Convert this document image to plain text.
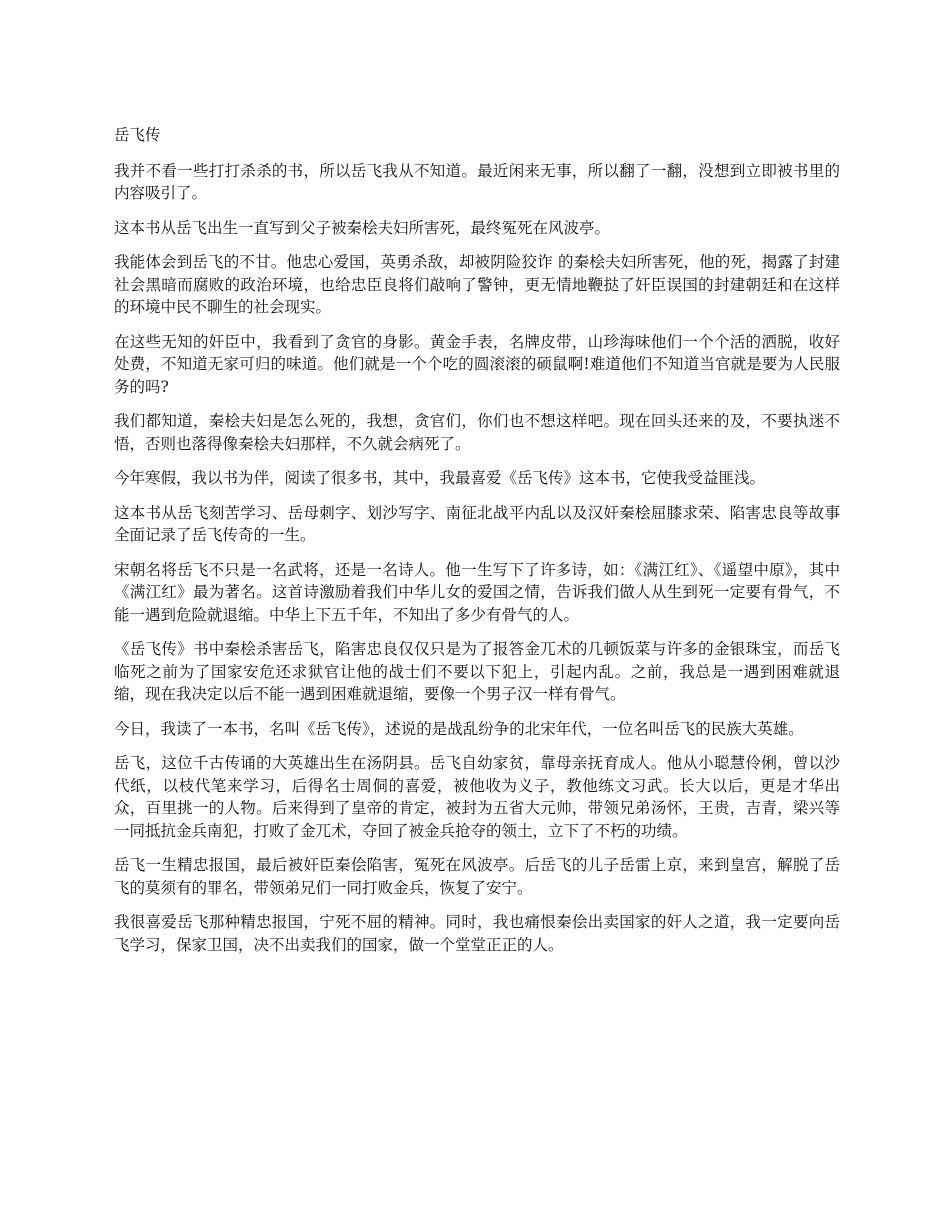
岳飞传

我并不看一些打打杀杀的书，所以岳飞我从不知道。最近闲来无事，所以翻了一翻，没想到立即被书里的内容吸引了。

这本书从岳飞出生一直写到父子被秦桧夫妇所害死，最终冤死在风波亭。

我能体会到岳飞的不甘。他忠心爱国，英勇杀敌，却被阴险狡诈 的秦桧夫妇所害死，他的死，揭露了封建社会黑暗而腐败的政治环境，也给忠臣良将们敲响了警钟，更无情地鞭挞了奸臣误国的封建朝廷和在这样的环境中民不聊生的社会现实。

在这些无知的奸臣中，我看到了贪官的身影。黄金手表，名牌皮带，山珍海味他们一个个活的洒脱，收好处费，不知道无家可归的味道。他们就是一个个吃的圆滚滚的硕鼠啊!难道他们不知道当官就是要为人民服务的吗?

我们都知道，秦桧夫妇是怎么死的，我想，贪官们，你们也不想这样吧。现在回头还来的及，不要执迷不悟，否则也落得像秦桧夫妇那样，不久就会病死了。

今年寒假，我以书为伴，阅读了很多书，其中，我最喜爱《岳飞传》这本书，它使我受益匪浅。

这本书从岳飞刻苦学习、岳母刺字、划沙写字、南征北战平内乱以及汉奸秦桧屈膝求荣、陷害忠良等故事全面记录了岳飞传奇的一生。

宋朝名将岳飞不只是一名武将，还是一名诗人。他一生写下了许多诗，如：《满江红》、《遥望中原》，其中《满江红》最为著名。这首诗激励着我们中华儿女的爱国之情，告诉我们做人从生到死一定要有骨气，不能一遇到危险就退缩。中华上下五千年，不知出了多少有骨气的人。

《岳飞传》书中秦桧杀害岳飞，陷害忠良仅仅只是为了报答金兀术的几顿饭菜与许多的金银珠宝，而岳飞临死之前为了国家安危还求狱官让他的战士们不要以下犯上，引起内乱。之前，我总是一遇到困难就退缩，现在我决定以后不能一遇到困难就退缩，要像一个男子汉一样有骨气。

今日，我读了一本书，名叫《岳飞传》，述说的是战乱纷争的北宋年代，一位名叫岳飞的民族大英雄。

岳飞，这位千古传诵的大英雄出生在汤阴县。岳飞自幼家贫，靠母亲抚育成人。他从小聪慧伶俐，曾以沙代纸，以枝代笔来学习，后得名士周侗的喜爱，被他收为义子，教他练文习武。长大以后，更是才华出众，百里挑一的人物。后来得到了皇帝的肯定，被封为五省大元帅，带领兄弟汤怀，王贵，吉青，梁兴等一同抵抗金兵南犯，打败了金兀术，夺回了被金兵抢夺的领土，立下了不朽的功绩。

岳飞一生精忠报国，最后被奸臣秦侩陷害，冤死在风波亭。后岳飞的儿子岳雷上京，来到皇宫，解脱了岳飞的莫须有的罪名，带领弟兄们一同打败金兵，恢复了安宁。

我很喜爱岳飞那种精忠报国，宁死不屈的精神。同时，我也痛恨秦侩出卖国家的奸人之道，我一定要向岳飞学习，保家卫国，决不出卖我们的国家，做一个堂堂正正的人。
